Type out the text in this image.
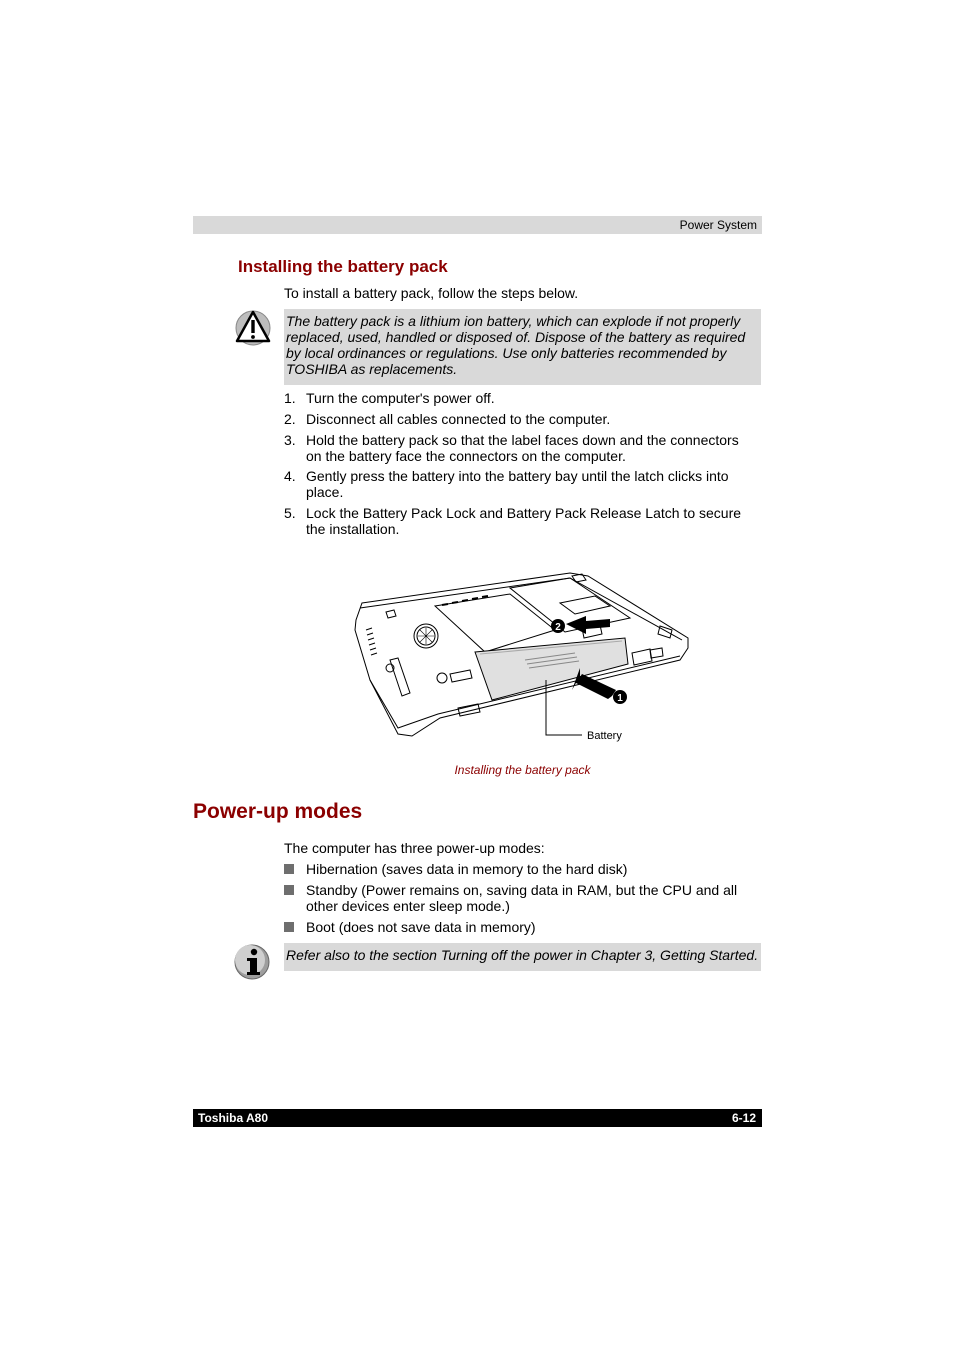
Power System
Installing the battery pack
To install a battery pack, follow the steps below.
The battery pack is a lithium ion battery, which can explode if not properly replaced, used, handled or disposed of. Dispose of the battery as required by local ordinances or regulations. Use only batteries recommended by TOSHIBA as replacements.
1. Turn the computer's power off.
2. Disconnect all cables connected to the computer.
3. Hold the battery pack so that the label faces down and the connectors on the battery face the connectors on the computer.
4. Gently press the battery into the battery bay until the latch clicks into place.
5. Lock the Battery Pack Lock and Battery Pack Release Latch to secure the installation.
2
1
Battery
Installing the battery pack
Power-up modes
The computer has three power-up modes:
Hibernation (saves data in memory to the hard disk)
Standby (Power remains on, saving data in RAM, but the CPU and all other devices enter sleep mode.)
Boot (does not save data in memory)
Refer also to the section Turning off the power in Chapter 3, Getting Started.
Toshiba A80	6-12
